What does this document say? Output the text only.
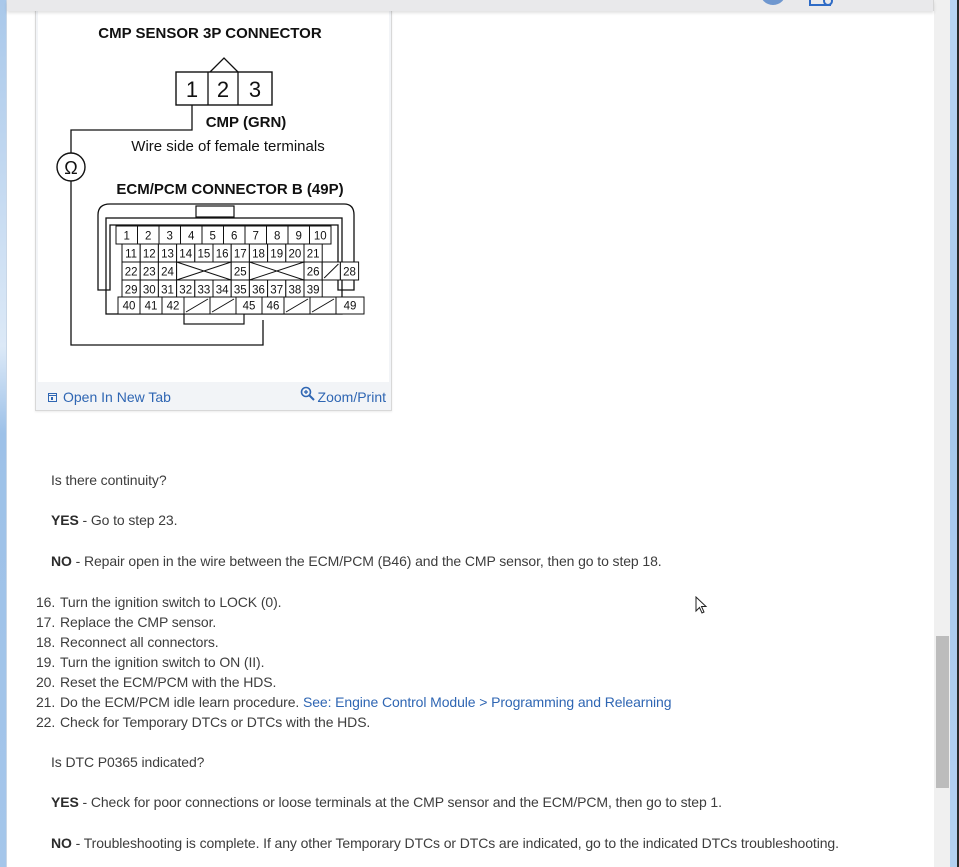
CMP SENSOR 3P CONNECTOR
1 2 3
CMP (GRN)
Wire side of female terminals
Ω
ECM/PCM CONNECTOR B (49P)
1 2 3 4 5 6 7 8 9 10
11 12 13 14 15 16 17 18 19 20 21
22 23 24	25	26 28
29 30 31 32 33 34 35 36 37 38 39
40 41 42	45 46	49
Open In New Tab	Zoom/Print
Is there continuity?
YES - Go to step 23.
NO - Repair open in the wire between the ECM/PCM (B46) and the CMP sensor, then go to step 18.
16. Turn the ignition switch to LOCK (0).
17. Replace the CMP sensor.
18. Reconnect all connectors.
19. Turn the ignition switch to ON (II).
20. Reset the ECM/PCM with the HDS.
21. Do the ECM/PCM idle learn procedure. See: Engine Control Module > Programming and Relearning
22. Check for Temporary DTCs or DTCs with the HDS.
Is DTC P0365 indicated?
YES - Check for poor connections or loose terminals at the CMP sensor and the ECM/PCM, then go to step 1.
NO - Troubleshooting is complete. If any other Temporary DTCs or DTCs are indicated, go to the indicated DTCs troubleshooting.
